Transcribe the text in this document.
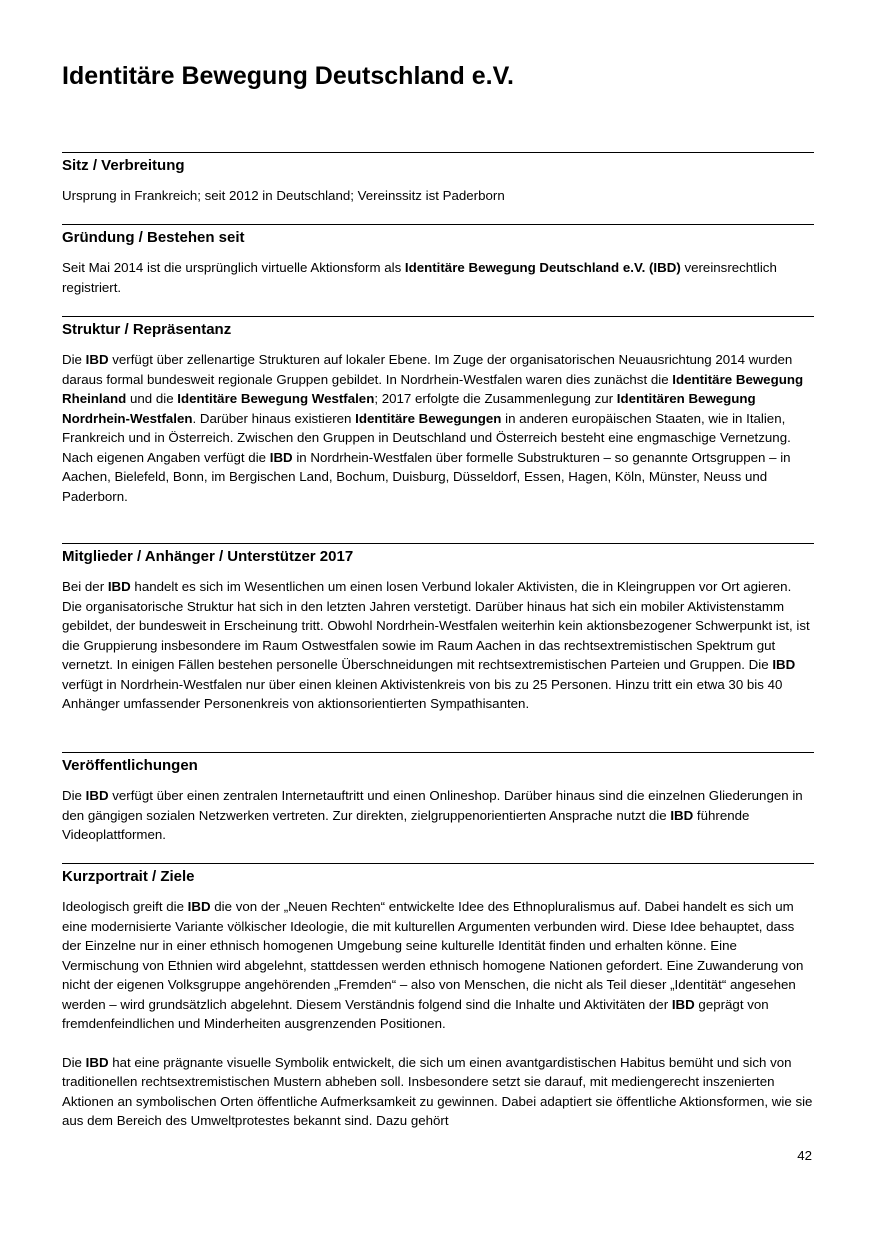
Identitäre Bewegung Deutschland e.V.
Sitz / Verbreitung

Ursprung in Frankreich; seit 2012 in Deutschland; Vereinssitz ist Paderborn

Gründung / Bestehen seit

Seit Mai 2014 ist die ursprünglich virtuelle Aktionsform als Identitäre Bewegung Deutschland e.V. (IBD) vereinsrechtlich registriert.

Struktur / Repräsentanz

Die IBD verfügt über zellenartige Strukturen auf lokaler Ebene. Im Zuge der organisatorischen Neuausrichtung 2014 wurden daraus formal bundesweit regionale Gruppen gebildet. In Nordrhein-Westfalen waren dies zunächst die Identitäre Bewegung Rheinland und die Identitäre Bewegung Westfalen; 2017 erfolgte die Zusammenlegung zur Identitären Bewegung Nordrhein-Westfalen. Darüber hinaus existieren Identitäre Bewegungen in anderen europäischen Staaten, wie in Italien, Frankreich und in Österreich. Zwischen den Gruppen in Deutschland und Österreich besteht eine engmaschige Vernetzung.

Nach eigenen Angaben verfügt die IBD in Nordrhein-Westfalen über formelle Substrukturen – so genannte Ortsgruppen – in Aachen, Bielefeld, Bonn, im Bergischen Land, Bochum, Duisburg, Düsseldorf, Essen, Hagen, Köln, Münster, Neuss und Paderborn.

Mitglieder / Anhänger / Unterstützer 2017

Bei der IBD handelt es sich im Wesentlichen um einen losen Verbund lokaler Aktivisten, die in Kleingruppen vor Ort agieren. Die organisatorische Struktur hat sich in den letzten Jahren verstetigt. Darüber hinaus hat sich ein mobiler Aktivistenstamm gebildet, der bundesweit in Erscheinung tritt. Obwohl Nordrhein-Westfalen weiterhin kein aktionsbezogener Schwerpunkt ist, ist die Gruppierung insbesondere im Raum Ostwestfalen sowie im Raum Aachen in das rechtsextremistischen Spektrum gut vernetzt. In einigen Fällen bestehen personelle Überschneidungen mit rechtsextremistischen Parteien und Gruppen. Die IBD verfügt in Nordrhein-Westfalen nur über einen kleinen Aktivistenkreis von bis zu 25 Personen. Hinzu tritt ein etwa 30 bis 40 Anhänger umfassender Personenkreis von aktionsorientierten Sympathisanten.

Veröffentlichungen

Die IBD verfügt über einen zentralen Internetauftritt und einen Onlineshop. Darüber hinaus sind die einzelnen Gliederungen in den gängigen sozialen Netzwerken vertreten. Zur direkten, zielgruppenorientierten Ansprache nutzt die IBD führende Videoplattformen.

Kurzportrait / Ziele

Ideologisch greift die IBD die von der „Neuen Rechten“ entwickelte Idee des Ethnopluralismus auf. Dabei handelt es sich um eine modernisierte Variante völkischer Ideologie, die mit kulturellen Argumenten verbunden wird. Diese Idee behauptet, dass der Einzelne nur in einer ethnisch homogenen Umgebung seine kulturelle Identität finden und erhalten könne. Eine Vermischung von Ethnien wird abgelehnt, stattdessen werden ethnisch homogene Nationen gefordert. Eine Zuwanderung von nicht der eigenen Volksgruppe angehörenden „Fremden“ – also von Menschen, die nicht als Teil dieser „Identität“ angesehen werden – wird grundsätzlich abgelehnt. Diesem Verständnis folgend sind die Inhalte und Aktivitäten der IBD geprägt von fremdenfeindlichen und Minderheiten ausgrenzenden Positionen.

Die IBD hat eine prägnante visuelle Symbolik entwickelt, die sich um einen avantgardistischen Habitus bemüht und sich von traditionellen rechtsextremistischen Mustern abheben soll. Insbesondere setzt sie darauf, mit mediengerecht inszenierten Aktionen an symbolischen Orten öffentliche Aufmerksamkeit zu gewinnen. Dabei adaptiert sie öffentliche Aktionsformen, wie sie aus dem Bereich des Umweltprotestes bekannt sind. Dazu gehört

42
